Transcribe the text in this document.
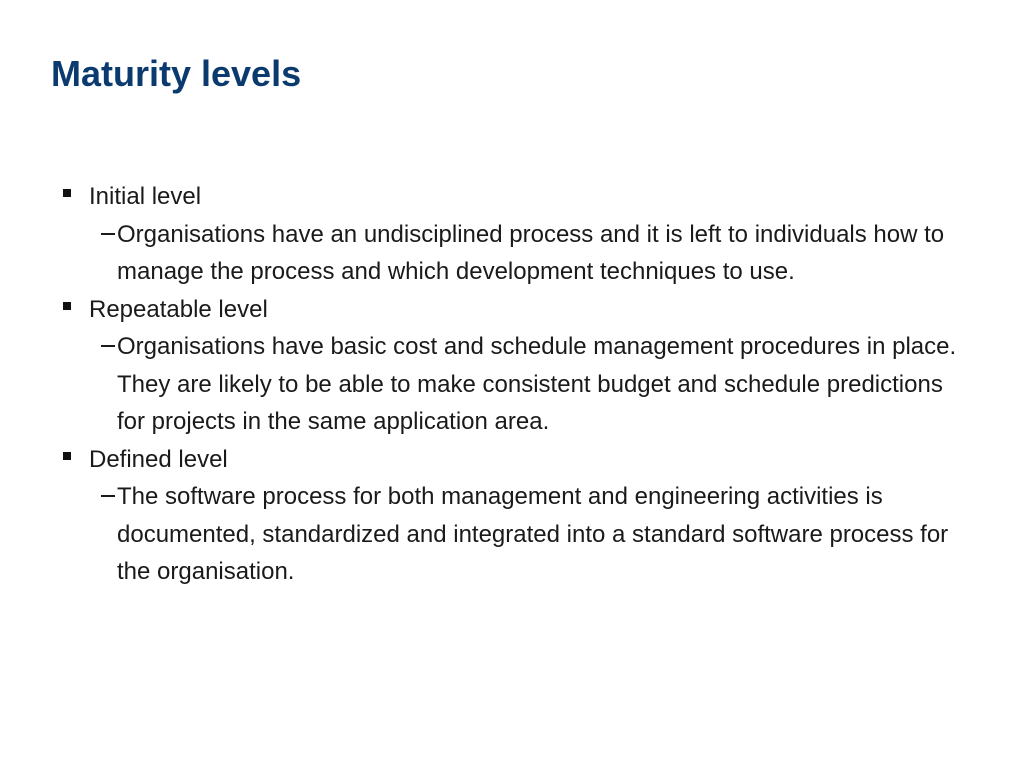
Maturity levels
Initial level
Organisations have an undisciplined process and it is left to individuals how to manage the process and which development techniques to use.
Repeatable level
Organisations have basic cost and schedule management procedures in place. They are likely to be able to make consistent budget and schedule predictions for projects in the same application area.
Defined level
The software process for both management and engineering activities is documented, standardized and integrated into a standard software process for the organisation.
